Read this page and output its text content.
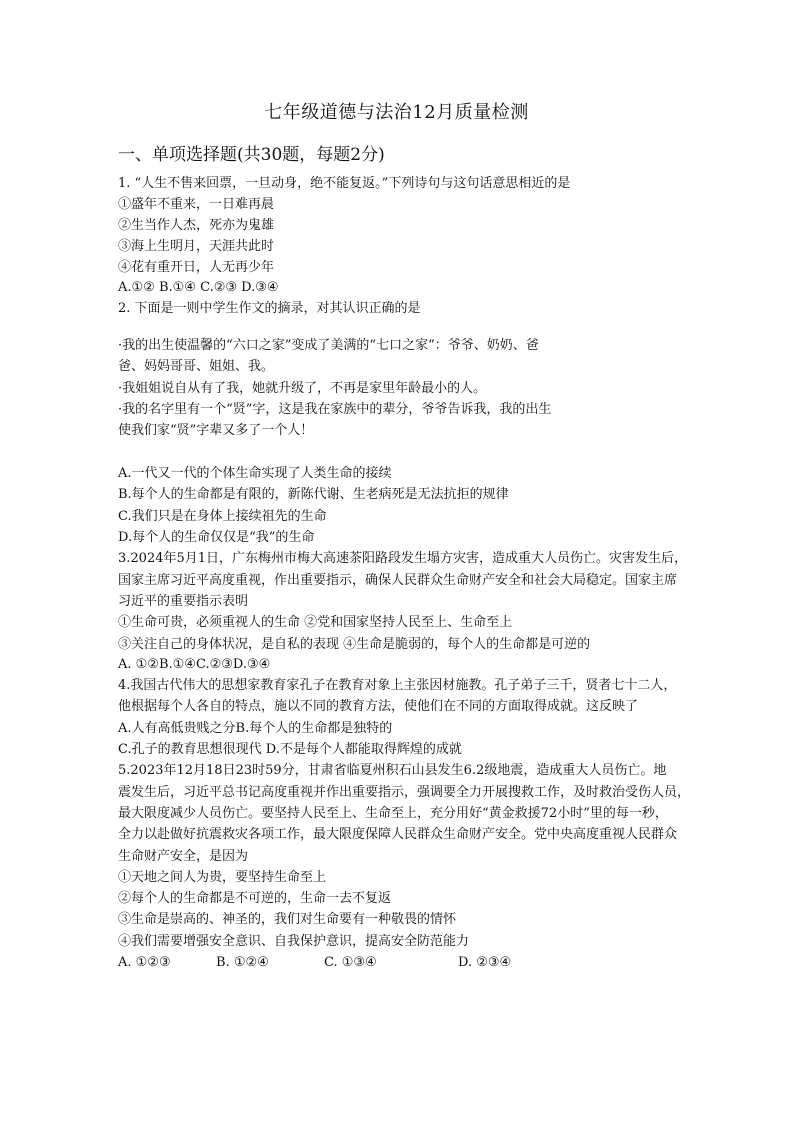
七年级道德与法治12月质量检测
一、单项选择题(共30题，每题2分)
1. “人生不售来回票，一旦动身，绝不能复返。”下列诗句与这句话意思相近的是
①盛年不重来，一日难再晨
②生当作人杰，死亦为鬼雄
③海上生明月，天涯共此时
④花有重开日，人无再少年
A.①② B.①④ C.②③ D.③④
2. 下面是一则中学生作文的摘录，对其认识正确的是
·我的出生使温馨的“六口之家”变成了美满的“七口之家”：爷爷、奶奶、爸
爸、妈妈哥哥、姐姐、我。
·我姐姐说自从有了我，她就升级了，不再是家里年龄最小的人。
·我的名字里有一个“贤”字，这是我在家族中的辈分，爷爷告诉我，我的出生
使我们家“贤”字辈又多了一个人！
A.一代又一代的个体生命实现了人类生命的接续
B.每个人的生命都是有限的，新陈代谢、生老病死是无法抗拒的规律
C.我们只是在身体上接续祖先的生命
D.每个人的生命仅仅是“我”的生命
3.2024年5月1日，广东梅州市梅大高速茶阳路段发生塌方灾害，造成重大人员伤亡。灾害发生后，
国家主席习近平高度重视，作出重要指示，确保人民群众生命财产安全和社会大局稳定。国家主席
习近平的重要指示表明
①生命可贵，必须重视人的生命 ②党和国家坚持人民至上、生命至上
③关注自己的身体状况，是自私的表现 ④生命是脆弱的，每个人的生命都是可逆的
A. ①②B.①④C.②③D.③④
4.我国古代伟大的思想家教育家孔子在教育对象上主张因材施教。孔子弟子三千，贤者七十二人，
他根据每个人各自的特点，施以不同的教育方法，使他们在不同的方面取得成就。这反映了
A.人有高低贵贱之分B.每个人的生命都是独特的
C.孔子的教育思想很现代 D.不是每个人都能取得辉煌的成就
5.2023年12月18日23时59分，甘肃省临夏州积石山县发生6.2级地震，造成重大人员伤亡。地
震发生后，习近平总书记高度重视并作出重要指示，强调要全力开展搜救工作，及时救治受伤人员，
最大限度减少人员伤亡。要坚持人民至上、生命至上，充分用好“黄金救援72小时”里的每一秒，
全力以赴做好抗震救灾各项工作，最大限度保障人民群众生命财产安全。党中央高度重视人民群众
生命财产安全，是因为
①天地之间人为贵，要坚持生命至上
②每个人的生命都是不可逆的，生命一去不复返
③生命是崇高的、神圣的，我们对生命要有一种敬畏的情怀
④我们需要增强安全意识、自我保护意识，提高安全防范能力
A. ①②③	B. ①②④	C. ①③④	D. ②③④
